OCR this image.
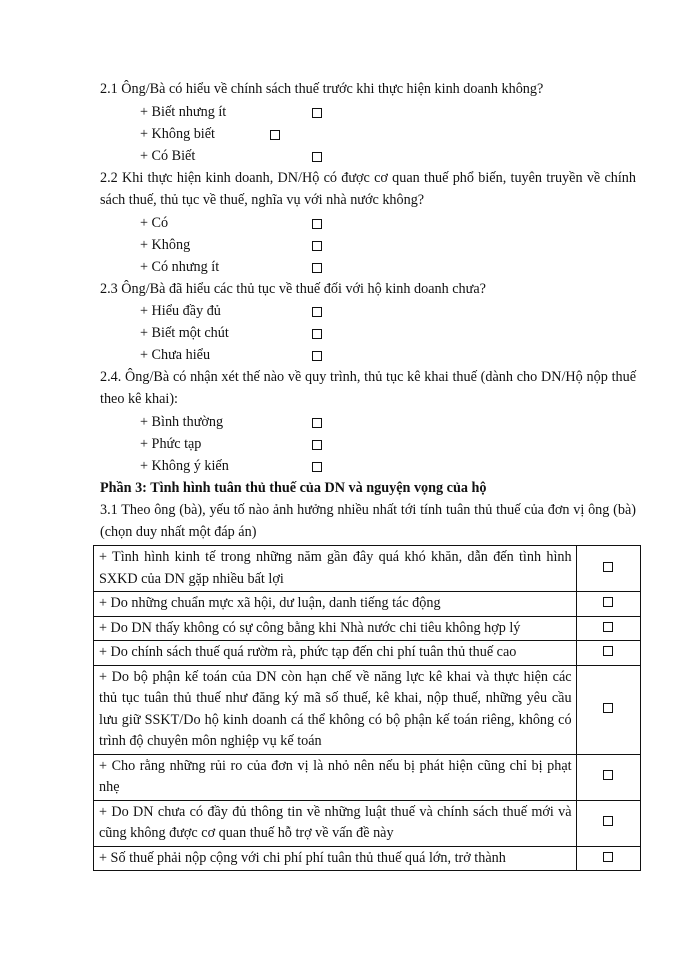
2.1 Ông/Bà có hiểu về chính sách thuế trước khi thực hiện kinh doanh không?
+ Biết nhưng ít
+ Không biết
+ Có Biết
2.2 Khi thực hiện kinh doanh, DN/Hộ có được cơ quan thuế phổ biến, tuyên truyền về chính sách thuế, thủ tục về thuế, nghĩa vụ với nhà nước không?
+ Có
+ Không
+ Có nhưng ít
2.3 Ông/Bà đã hiểu các thủ tục về thuế đối với hộ kinh doanh chưa?
+ Hiểu đầy đủ
+ Biết một chút
+ Chưa hiểu
2.4. Ông/Bà có nhận xét thế nào về quy trình, thủ tục kê khai thuế (dành cho DN/Hộ nộp thuế theo kê khai):
+ Bình thường
+ Phức tạp
+ Không ý kiến
Phần 3: Tình hình tuân thủ thuế của DN và nguyện vọng của hộ
3.1 Theo ông (bà), yếu tố nào ảnh hưởng nhiều nhất tới tính tuân thủ thuế của đơn vị ông (bà) (chọn duy nhất một đáp án)
+ Tình hình kinh tế trong những năm gần đây quá khó khăn, dẫn đến tình hình SXKD của DN gặp nhiều bất lợi	
+ Do những chuẩn mực xã hội, dư luận, danh tiếng tác động	
+ Do DN thấy không có sự công bằng khi Nhà nước chi tiêu không hợp lý	
+ Do chính sách thuế quá rườm rà, phức tạp đến chi phí tuân thủ thuế cao	
+ Do bộ phận kế toán của DN còn hạn chế về năng lực kê khai và thực hiện các thủ tục tuân thủ thuế như đăng ký mã số thuế, kê khai, nộp thuế, những yêu cầu lưu giữ SSKT/Do hộ kinh doanh cá thể không có bộ phận kế toán riêng, không có trình độ chuyên môn nghiệp vụ kế toán	
+ Cho rằng những rủi ro của đơn vị là nhỏ nên nếu bị phát hiện cũng chỉ bị phạt nhẹ	
+ Do DN chưa có đầy đủ thông tin về những luật thuế và chính sách thuế mới và cũng không được cơ quan thuế hỗ trợ về vấn đề này	
+ Số thuế phải nộp cộng với chi phí phí tuân thủ thuế quá lớn, trở thành	
